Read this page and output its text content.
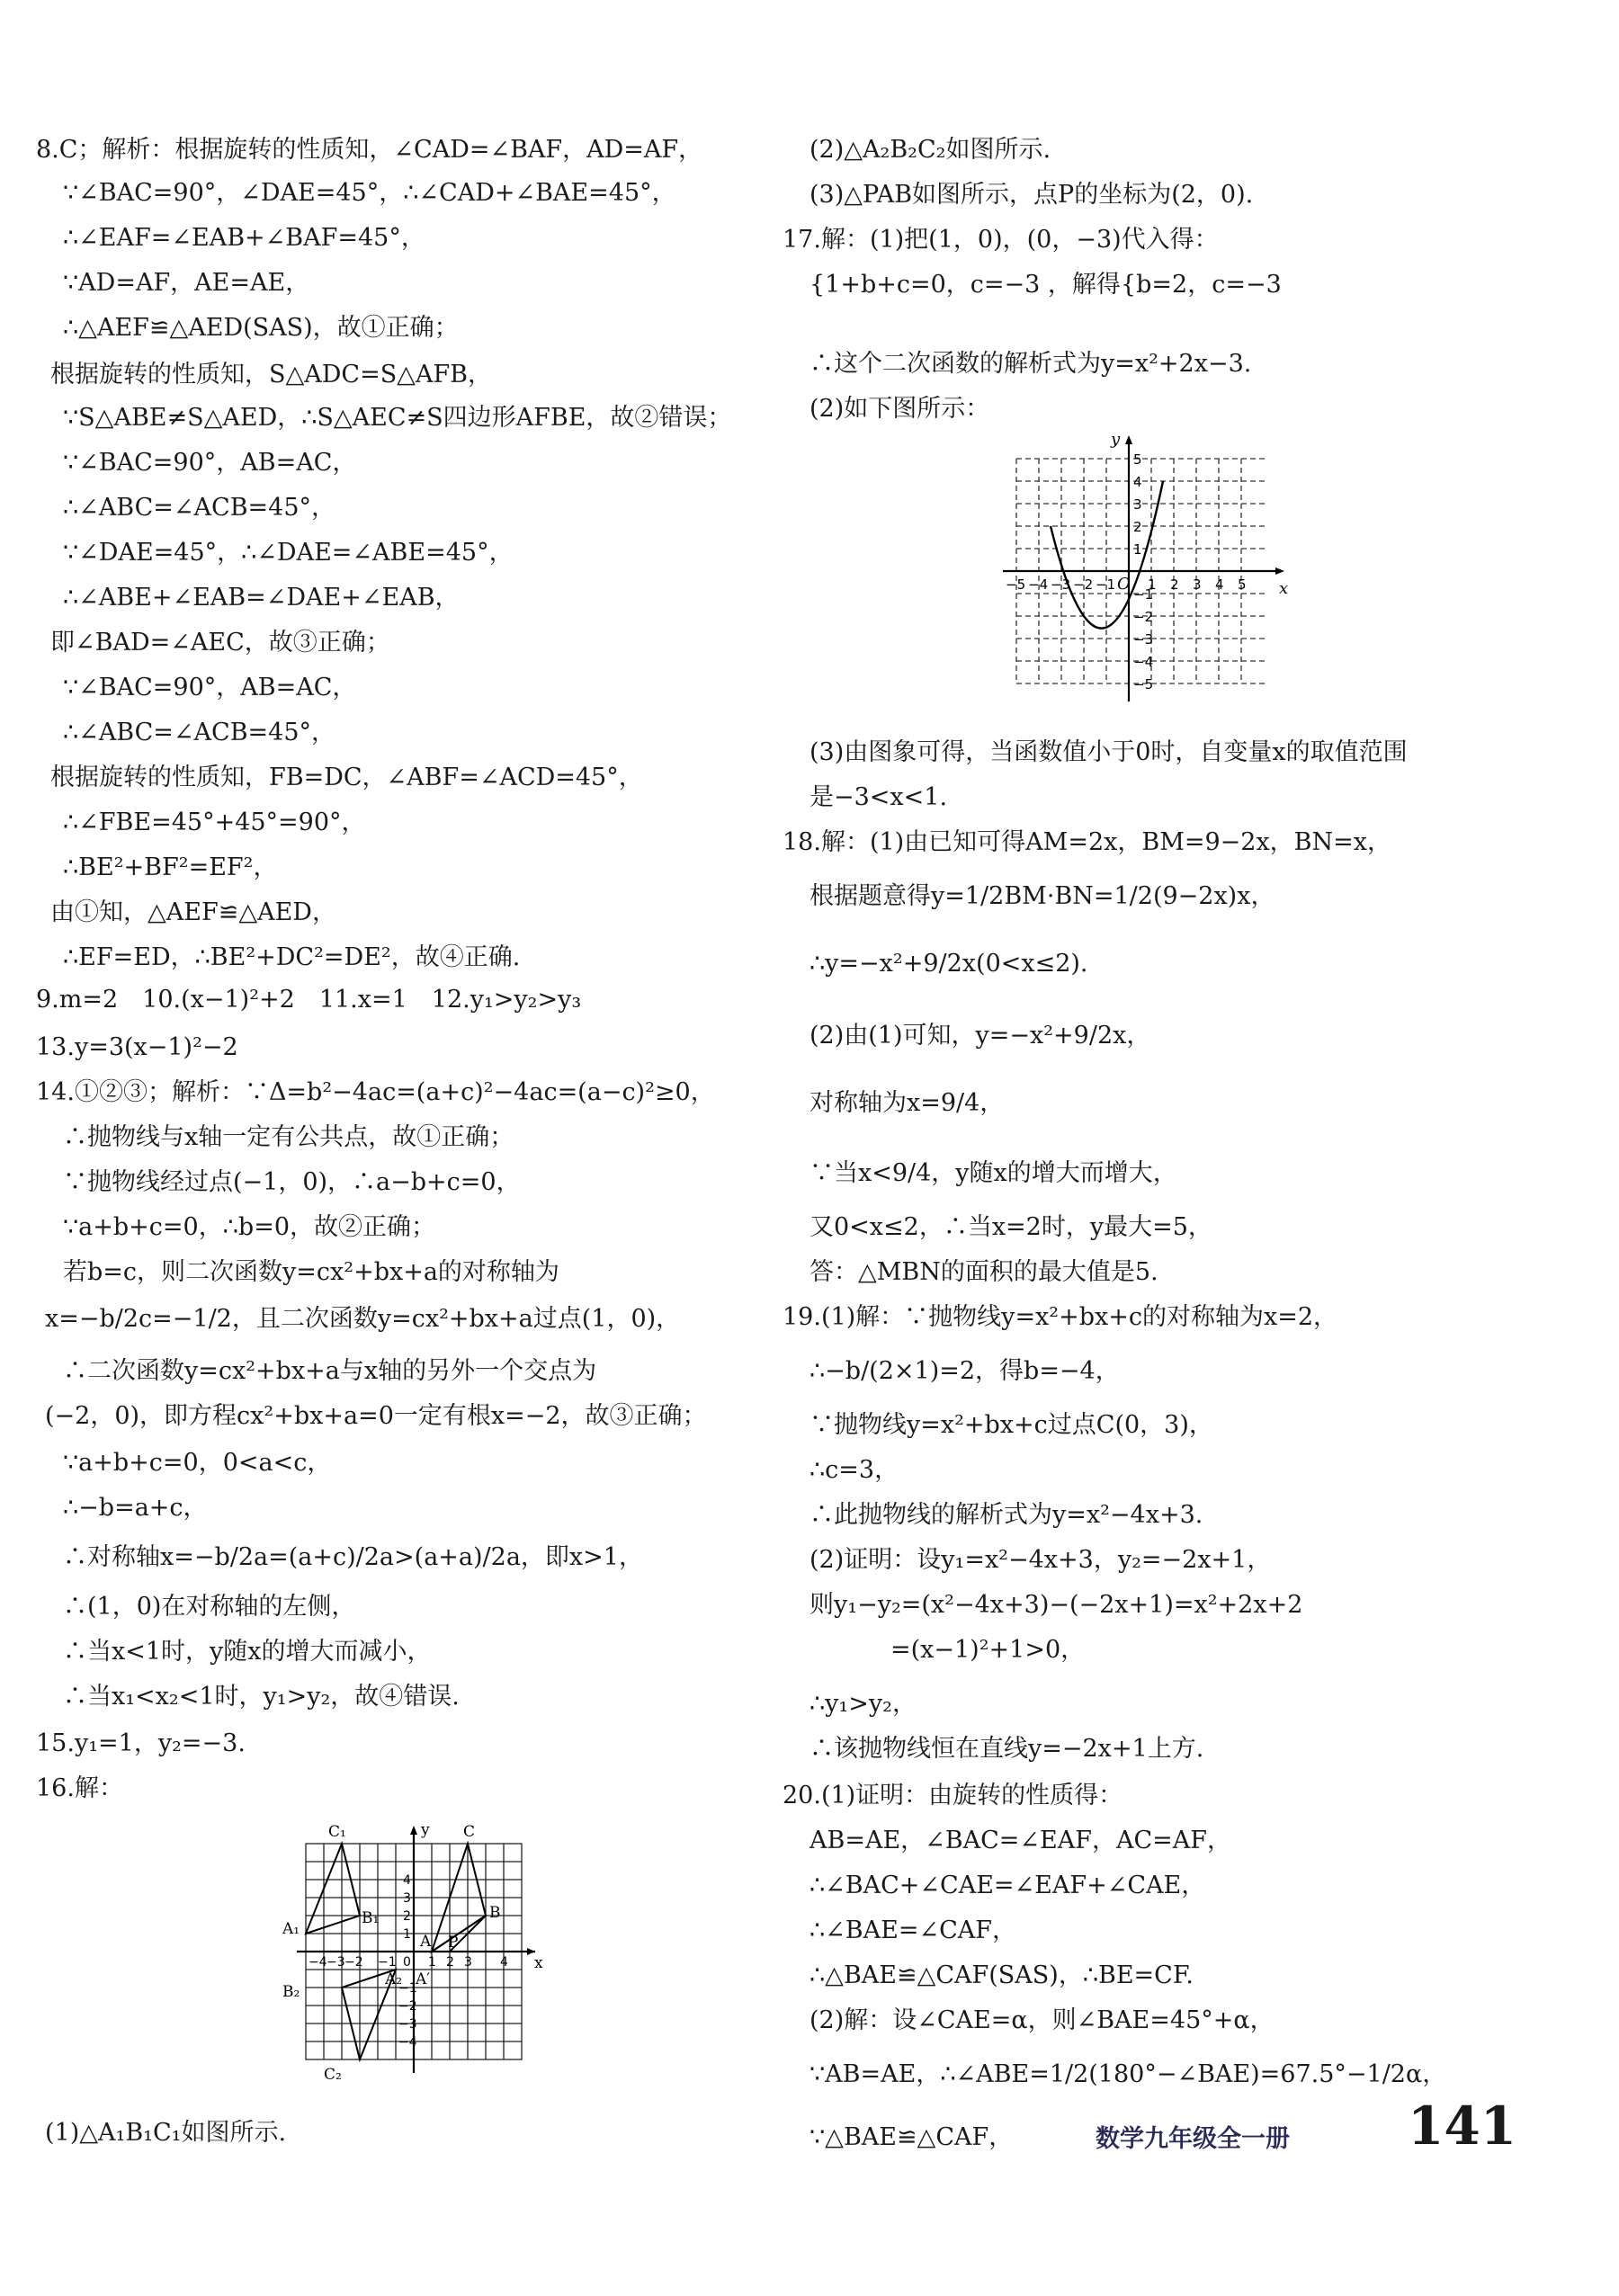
8.C；解析：根据旋转的性质知，∠CAD=∠BAF，AD=AF，
∵∠BAC=90°，∠DAE=45°，∴∠CAD+∠BAE=45°，
∴∠EAF=∠EAB+∠BAF=45°，
∵AD=AF，AE=AE，
∴△AEF≌△AED(SAS)，故①正确；
根据旋转的性质知，S△ADC=S△AFB，
∵S△ABE≠S△AED，∴S△AEC≠S四边形AFBE，故②错误；
∵∠BAC=90°，AB=AC，
∴∠ABC=∠ACB=45°，
∵∠DAE=45°，∴∠DAE=∠ABE=45°，
∴∠ABE+∠EAB=∠DAE+∠EAB，
即∠BAD=∠AEC，故③正确；
∵∠BAC=90°，AB=AC，
∴∠ABC=∠ACB=45°，
根据旋转的性质知，FB=DC，∠ABF=∠ACD=45°，
∴∠FBE=45°+45°=90°，
∴BE²+BF²=EF²，
由①知，△AEF≌△AED，
∴EF=ED，∴BE²+DC²=DE²，故④正确.
9.m=2　10.(x−1)²+2　11.x=1　12.y₁>y₂>y₃
13.y=3(x−1)²−2
14.①②③；解析：∵Δ=b²−4ac=(a+c)²−4ac=(a−c)²≥0，
∴抛物线与x轴一定有公共点，故①正确；
∵抛物线经过点(−1，0)，∴a−b+c=0，
∵a+b+c=0，∴b=0，故②正确；
若b=c，则二次函数y=cx²+bx+a的对称轴为
x=−b/2c=−1/2，且二次函数y=cx²+bx+a过点(1，0)，
∴二次函数y=cx²+bx+a与x轴的另外一个交点为
(−2，0)，即方程cx²+bx+a=0一定有根x=−2，故③正确；
∵a+b+c=0，0<a<c，
∴−b=a+c，
∴对称轴x=−b/2a=(a+c)/2a>(a+a)/2a，即x>1，
∴(1，0)在对称轴的左侧，
∴当x<1时，y随x的增大而减小，
∴当x₁<x₂<1时，y₁>y₂，故④错误.
15.y₁=1，y₂=−3.
16.解：
(1)△A₁B₁C₁如图所示.
(2)△A₂B₂C₂如图所示.
(3)△PAB如图所示，点P的坐标为(2，0).
17.解：(1)把(1，0)，(0，−3)代入得：
{1+b+c=0，c=−3 ，解得{b=2，c=−3
∴这个二次函数的解析式为y=x²+2x−3.
(2)如下图所示：
(3)由图象可得，当函数值小于0时，自变量x的取值范围
是−3<x<1.
18.解：(1)由已知可得AM=2x，BM=9−2x，BN=x，
根据题意得y=1/2BM·BN=1/2(9−2x)x，
∴y=−x²+9/2x(0<x≤2).
(2)由(1)可知，y=−x²+9/2x，
对称轴为x=9/4，
∵当x<9/4，y随x的增大而增大，
又0<x≤2，∴当x=2时，y最大=5，
答：△MBN的面积的最大值是5.
19.(1)解：∵抛物线y=x²+bx+c的对称轴为x=2，
∴−b/(2×1)=2，得b=−4，
∵抛物线y=x²+bx+c过点C(0，3)，
∴c=3，
∴此抛物线的解析式为y=x²−4x+3.
(2)证明：设y₁=x²−4x+3，y₂=−2x+1，
则y₁−y₂=(x²−4x+3)−(−2x+1)=x²+2x+2
=(x−1)²+1>0，
∴y₁>y₂，
∴该抛物线恒在直线y=−2x+1上方.
20.(1)证明：由旋转的性质得：
AB=AE，∠BAC=∠EAF，AC=AF，
∴∠BAC+∠CAE=∠EAF+∠CAE，
∴∠BAE=∠CAF，
∴△BAE≌△CAF(SAS)，∴BE=CF.
(2)解：设∠CAE=α，则∠BAE=45°+α，
∵AB=AE，∴∠ABE=1/2(180°−∠BAE)=67.5°−1/2α，
∵△BAE≌△CAF，
C₁	y C
A₁
B₁	B
A P
A₂ A′
B₂
C₂
x
−4 −3 −2 −1 0 1 2 3 4
4
3
2
1
−1
−2
−3
−4
y
x
O
−5 −4 −3 −2 −1 1 2 3 4 5
5
4
3
2
1
−1
−2
−3
−4
−5
数学九年级全一册 141
